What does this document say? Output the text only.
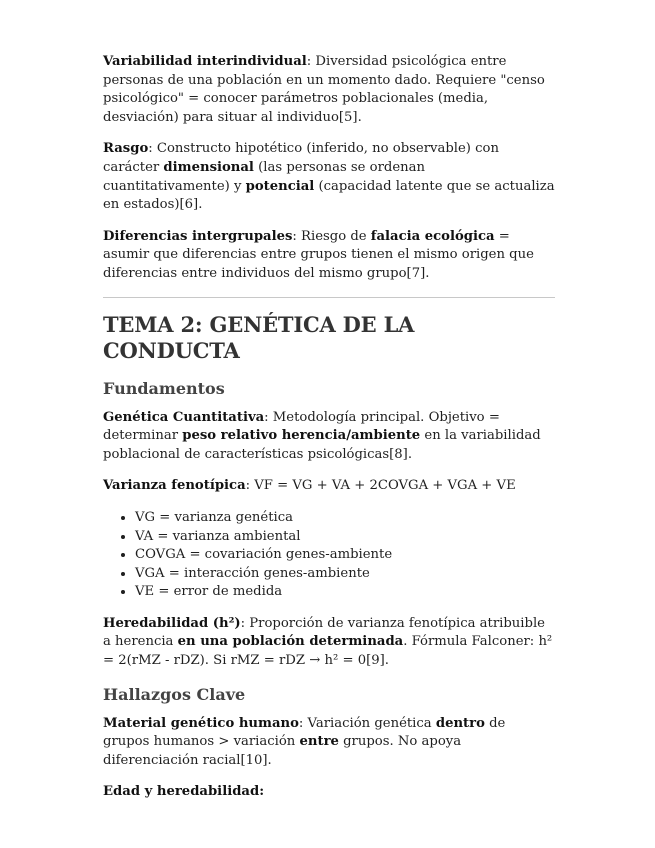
Variabilidad interindividual: Diversidad psicológica entre personas de una población en un momento dado. Requiere "censo psicológico" = conocer parámetros poblacionales (media, desviación) para situar al individuo[5].

Rasgo: Constructo hipotético (inferido, no observable) con carácter dimensional (las personas se ordenan cuantitativamente) y potencial (capacidad latente que se actualiza en estados)[6].

Diferencias intergrupales: Riesgo de falacia ecológica = asumir que diferencias entre grupos tienen el mismo origen que diferencias entre individuos del mismo grupo[7].

TEMA 2: GENÉTICA DE LA CONDUCTA
Fundamentos

Genética Cuantitativa: Metodología principal. Objetivo = determinar peso relativo herencia/ambiente en la variabilidad poblacional de características psicológicas[8].

Varianza fenotípica: VF = VG + VA + 2COVGA + VGA + VE

• VG = varianza genética
• VA = varianza ambiental
• COVGA = covariación genes-ambiente
• VGA = interacción genes-ambiente
• VE = error de medida

Heredabilidad (h²): Proporción de varianza fenotípica atribuible a herencia en una población determinada. Fórmula Falconer: h² = 2(rMZ - rDZ). Si rMZ = rDZ → h² = 0[9].

Hallazgos Clave

Material genético humano: Variación genética dentro de grupos humanos > variación entre grupos. No apoya diferenciación racial[10].

Edad y heredabilidad:
